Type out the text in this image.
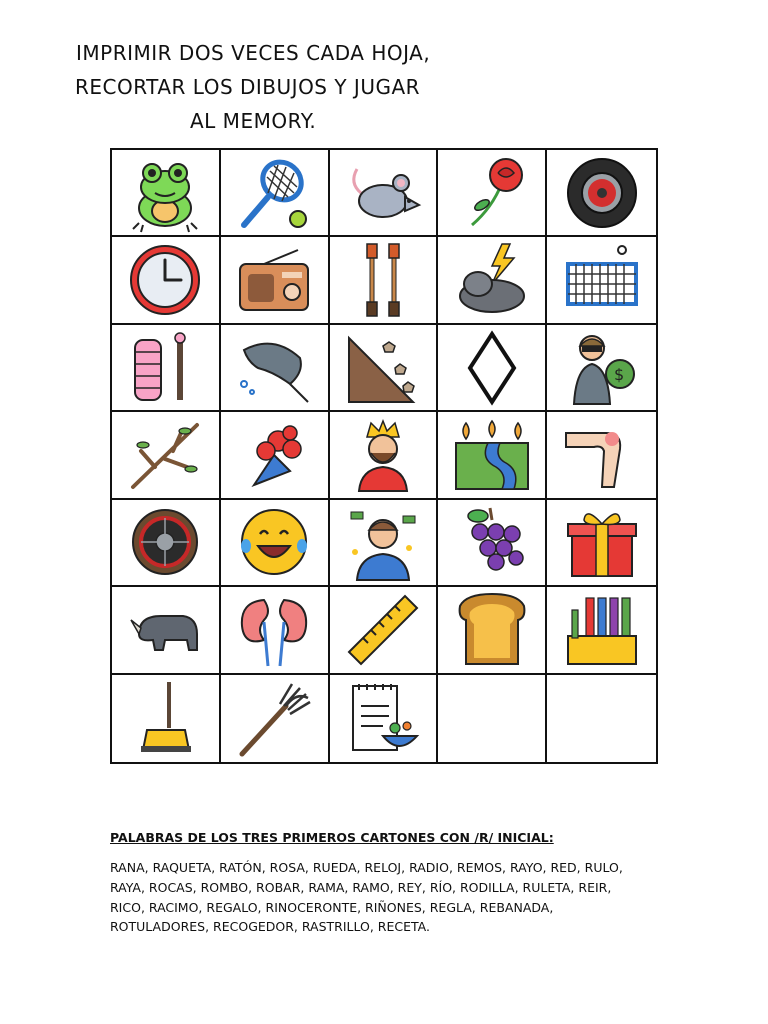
IMPRIMIR DOS VECES CADA HOJA,
RECORTAR LOS DIBUJOS Y JUGAR
AL MEMORY.
$
PALABRAS DE LOS TRES PRIMEROS CARTONES CON /R/ INICIAL:
RANA, RAQUETA, RATÓN, ROSA, RUEDA, RELOJ, RADIO, REMOS, RAYO, RED, RULO,
RAYA, ROCAS, ROMBO, ROBAR, RAMA, RAMO, REY, RÍO, RODILLA, RULETA, REIR,
RICO, RACIMO, REGALO, RINOCERONTE, RIÑONES, REGLA, REBANADA,
ROTULADORES, RECOGEDOR, RASTRILLO, RECETA.
